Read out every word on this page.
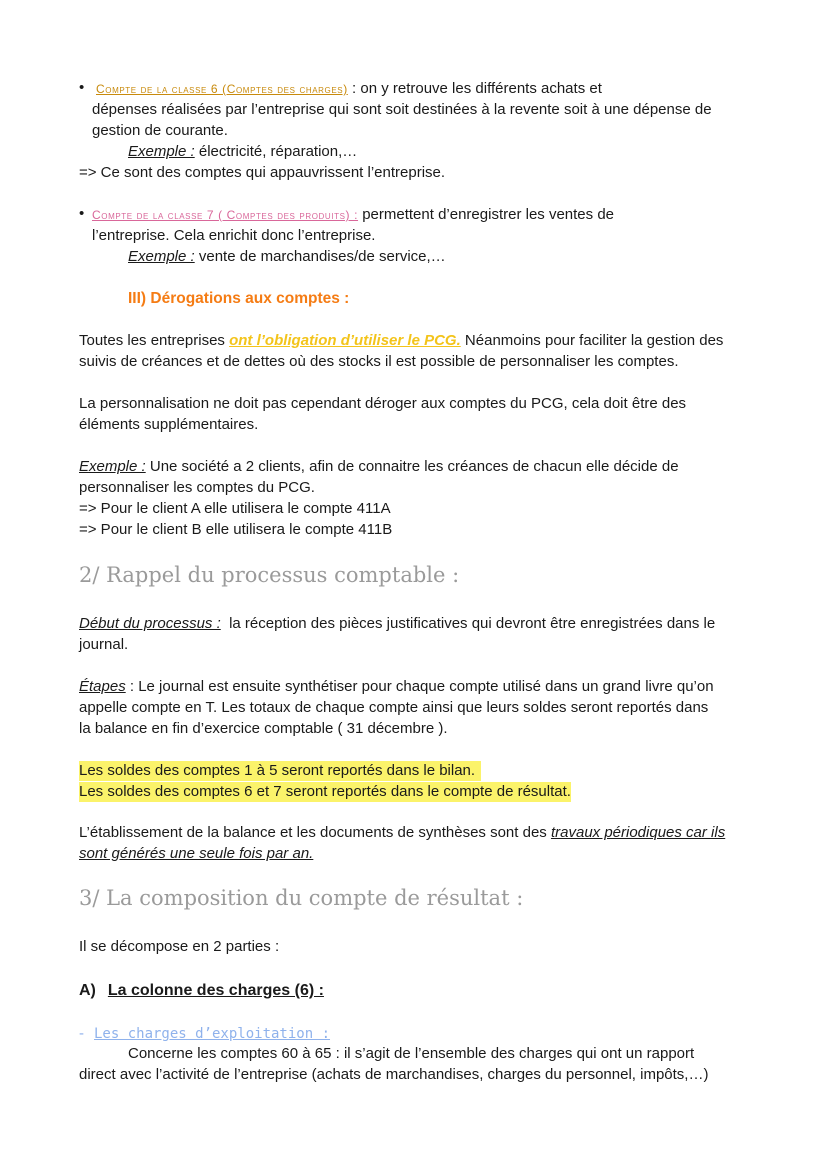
• Compte de la classe 6 (Comptes des charges) : on y retrouve les différents achats et
dépenses réalisées par l’entreprise qui sont soit destinées à la revente soit à une dépense de
gestion de courante.
Exemple : électricité, réparation,…
=> Ce sont des comptes qui appauvrissent l’entreprise.
• Compte de la classe 7 ( Comptes des produits) : permettent d’enregistrer les ventes de
l’entreprise. Cela enrichit donc l’entreprise.
Exemple : vente de marchandises/de service,…
III) Dérogations aux comptes :
Toutes les entreprises ont l’obligation d’utiliser le PCG. Néanmoins pour faciliter la gestion des
suivis de créances et de dettes où des stocks il est possible de personnaliser les comptes.
La personnalisation ne doit pas cependant déroger aux comptes du PCG, cela doit être des
éléments supplémentaires.
Exemple : Une société a 2 clients, afin de connaitre les créances de chacun elle décide de
personnaliser les comptes du PCG.
=> Pour le client A elle utilisera le compte 411A
=> Pour le client B elle utilisera le compte 411B
2/ Rappel du processus comptable :
Début du processus :  la réception des pièces justificatives qui devront être enregistrées dans le
journal.
Étapes : Le journal est ensuite synthétiser pour chaque compte utilisé dans un grand livre qu’on
appelle compte en T. Les totaux de chaque compte ainsi que leurs soldes seront reportés dans
la balance en fin d’exercice comptable ( 31 décembre ).
Les soldes des comptes 1 à 5 seront reportés dans le bilan.
Les soldes des comptes 6 et 7 seront reportés dans le compte de résultat.
L’établissement de la balance et les documents de synthèses sont des travaux périodiques car ils
sont générés une seule fois par an.
3/ La composition du compte de résultat :
Il se décompose en 2 parties :
A) La colonne des charges (6) :
- Les charges d’exploitation :
Concerne les comptes 60 à 65 : il s’agit de l’ensemble des charges qui ont un rapport
direct avec l’activité de l’entreprise (achats de marchandises, charges du personnel, impôts,…)
